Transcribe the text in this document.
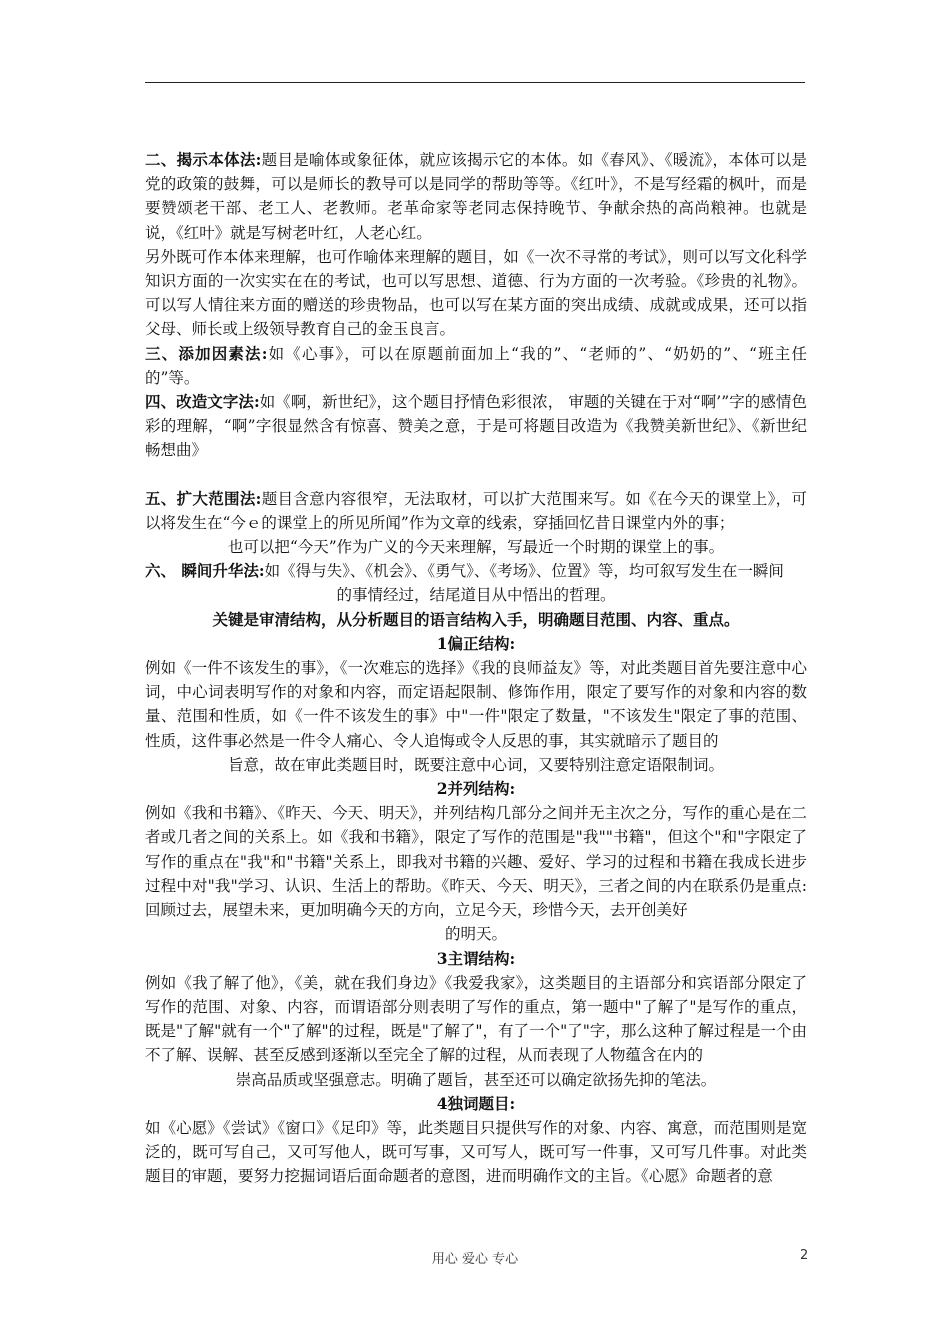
二、揭示本体法:题目是喻体或象征体，就应该揭示它的本体。如《春风》、《暖流》，本体可以是党的政策的鼓舞，可以是师长的教导可以是同学的帮助等等。《红叶》，不是写经霜的枫叶，而是要赞颂老干部、老工人、老教师。老革命家等老同志保持晚节、争献余热的高尚粮神。也就是说，《红叶》就是写树老叶红，人老心红。

另外既可作本体来理解，也可作喻体来理解的题目，如《一次不寻常的考试》，则可以写文化科学知识方面的一次实实在在的考试，也可以写思想、道德、行为方面的一次考验。《珍贵的礼物》。可以写人情往来方面的赠送的珍贵物品，也可以写在某方面的突出成绩、成就或成果，还可以指父母、师长或上级领导教育自己的金玉良言。

三、添加因素法:如《心事》，可以在原题前面加上“我的”、“老师的”、“奶奶的”、“班主任的”等。

四、改造文字法:如《啊，新世纪》，这个题目抒情色彩很浓， 审题的关键在于对“啊’”字的感情色彩的理解，“啊”字很显然含有惊喜、赞美之意，于是可将题目改造为《我赞美新世纪》、《新世纪畅想曲》

五、扩大范围法:题目含意内容很窄，无法取材，可以扩大范围来写。如《在今天的课堂上》，可以将发生在“今ｅ的课堂上的所见所闻”作为文章的线索，穿插回忆昔日课堂内外的事；

也可以把“今天”作为广义的今天来理解，写最近一个时期的课堂上的事。

六、 瞬间升华法:如《得与失》、《机会》、《勇气》、《考场》、位置》等，均可叙写发生在一瞬间

的事情经过，结尾道目从中悟出的哲理。

关键是审清结构，从分析题目的语言结构入手，明确题目范围、内容、重点。

1偏正结构:

例如《一件不该发生的事》，《一次难忘的选择》《我的良师益友》等，对此类题目首先要注意中心词，中心词表明写作的对象和内容，而定语起限制、修饰作用，限定了要写作的对象和内容的数量、范围和性质，如《一件不该发生的事》中"一件"限定了数量，"不该发生"限定了事的范围、性质，这件事必然是一件令人痛心、令人追悔或令人反思的事，其实就暗示了题目的

旨意，故在审此类题目时，既要注意中心词，又要特别注意定语限制词。

2并列结构:

例如《我和书籍》、《昨天、今天、明天》，并列结构几部分之间并无主次之分，写作的重心是在二者或几者之间的关系上。如《我和书籍》，限定了写作的范围是"我""书籍"，但这个"和"字限定了写作的重点在"我"和"书籍"关系上，即我对书籍的兴趣、爱好、学习的过程和书籍在我成长进步过程中对"我"学习、认识、生活上的帮助。《昨天、今天、明天》，三者之间的内在联系仍是重点:回顾过去，展望未来，更加明确今天的方向，立足今天，珍惜今天，去开创美好

的明天。

3主谓结构:

例如《我了解了他》，《美，就在我们身边》《我爱我家》，这类题目的主语部分和宾语部分限定了写作的范围、对象、内容，而谓语部分则表明了写作的重点，第一题中"了解了"是写作的重点，既是"了解"就有一个"了解"的过程，既是"了解了"，有了一个"了"字，那么这种了解过程是一个由不了解、误解、甚至反感到逐渐以至完全了解的过程，从而表现了人物蕴含在内的

崇高品质或坚强意志。明确了题旨，甚至还可以确定欲扬先抑的笔法。

4独词题目:

如《心愿》《尝试》《窗口》《足印》等，此类题目只提供写作的对象、内容、寓意，而范围则是宽泛的，既可写自己，又可写他人，既可写事，又可写人，既可写一件事，又可写几件事。对此类题目的审题，要努力挖掘词语后面命题者的意图，进而明确作文的主旨。《心愿》命题者的意

用心 爱心 专心	2
